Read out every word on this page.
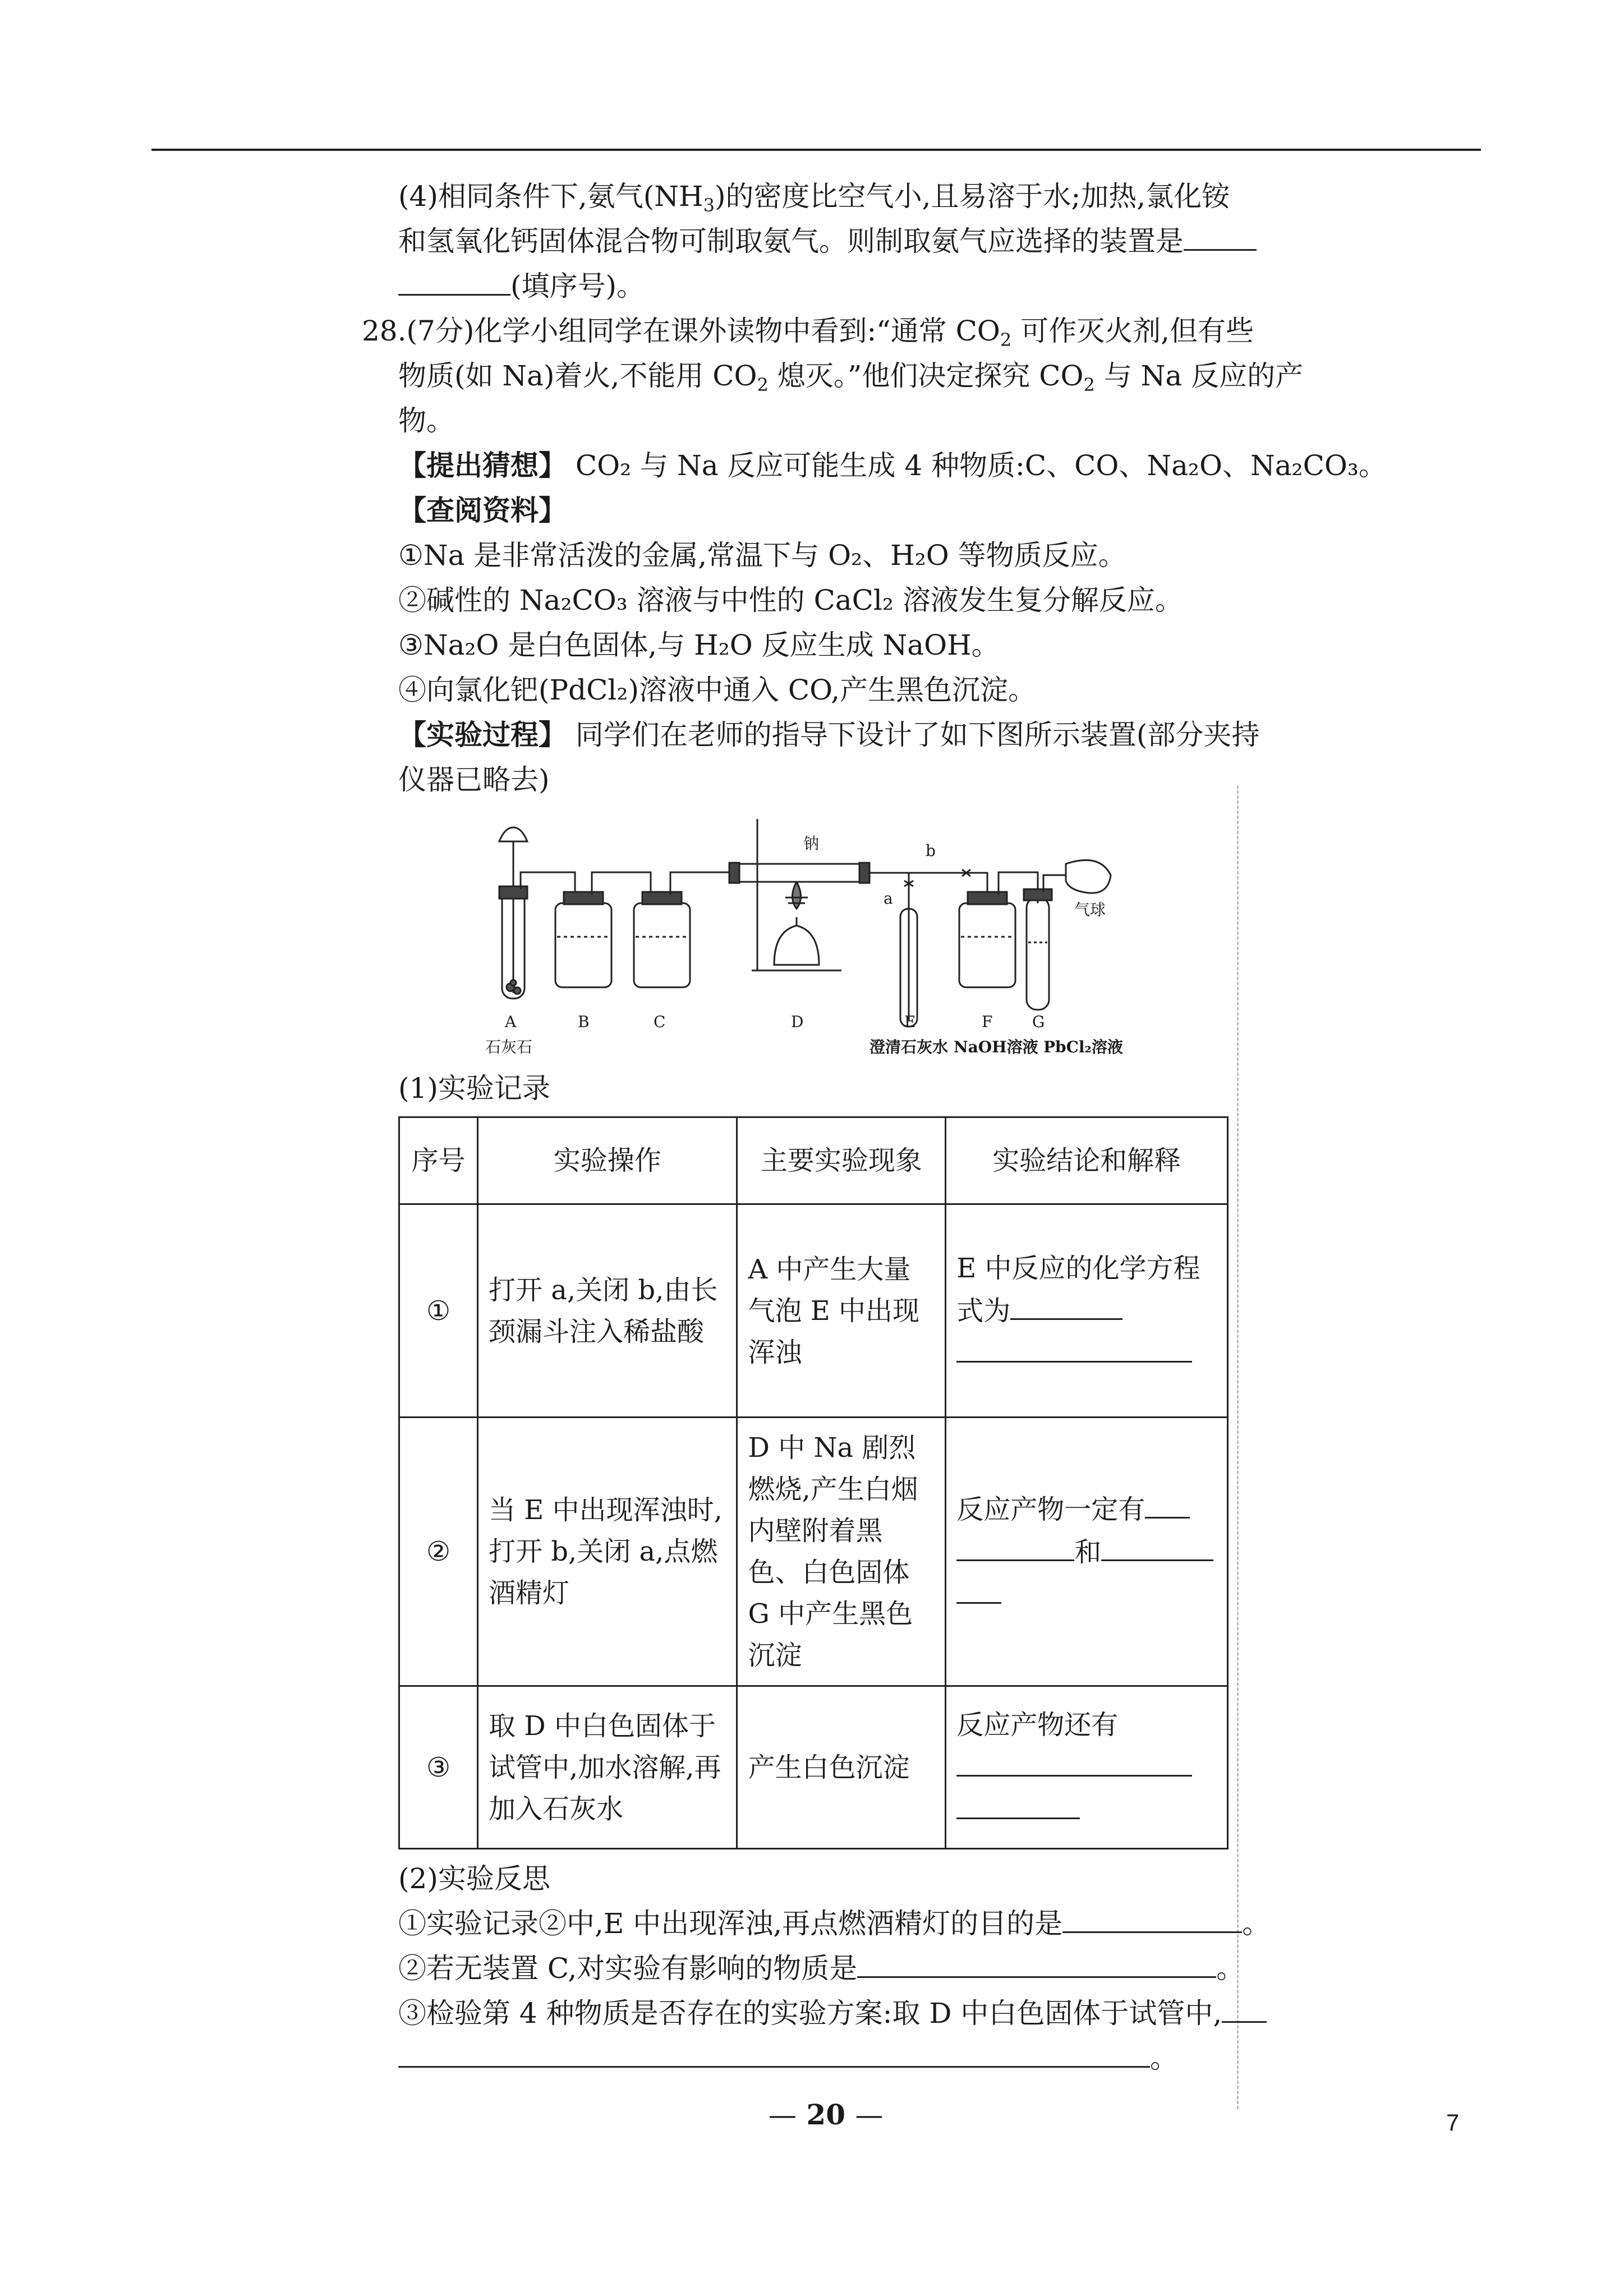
(4)相同条件下,氨气$(NH_3)$的密度比空气小,且易溶于水;加热,氯化铵
和氢氧化钙固体混合物可制取氨气。则制取氨气应选择的装置是
(填序号)。
28.(7分)化学小组同学在课外读物中看到:“通常 $CO_2$ 可作灭火剂,但有些
物质(如 Na)着火,不能用 $CO_2$ 熄灭。”他们决定探究 $CO_2$ 与 Na 反应的产
物。
【提出猜想】 CO₂ 与 Na 反应可能生成 4 种物质:C、CO、Na₂O、Na₂CO₃。
【查阅资料】
①Na 是非常活泼的金属,常温下与 O₂、H₂O 等物质反应。
②碱性的 Na₂CO₃ 溶液与中性的 CaCl₂ 溶液发生复分解反应。
③Na₂O 是白色固体,与 H₂O 反应生成 NaOH。
④向氯化钯(PdCl₂)溶液中通入 CO,产生黑色沉淀。
【实验过程】 同学们在老师的指导下设计了如下图所示装置(部分夹持
仪器已略去)
钠	b
a
气球
A	B	C	D	E	F	G
石灰石	澄清石灰水 NaOH溶液 PbCl₂溶液
(1)实验记录
序号	实验操作	主要实验现象	实验结论和解释
①	打开 a,关闭 b,由长颈漏斗注入稀盐酸	A 中产生大量气泡 E 中出现浑浊	E 中反应的化学方程式为

②	当 E 中出现浑浊时,打开 b,关闭 a,点燃酒精灯	D 中 Na 剧烈燃烧,产生白烟内壁附着黑色、白色固体 G 中产生黑色沉淀	反应产物一定有
和

③	取 D 中白色固体于试管中,加水溶解,再加入石灰水	产生白色沉淀	反应产物还有

(2)实验反思
①实验记录②中,E 中出现浑浊,再点燃酒精灯的目的是	。
②若无装置 C,对实验有影响的物质是	。
③检验第 4 种物质是否存在的实验方案:取 D 中白色固体于试管中,
。
— 20 —	7
